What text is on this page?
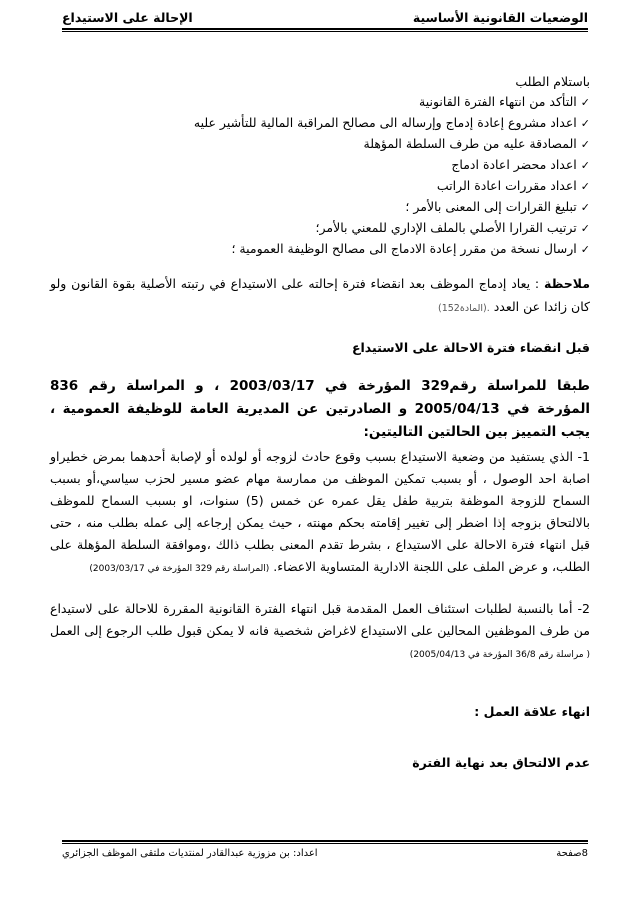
الوضعيات القانونية الأساسية
الإحالة على الاستيداع

باستلام الطلب

✓التأكد من انتهاء الفترة القانونية
✓اعداد مشروع إعادة إدماج وإرساله الى مصالح المراقبة المالية للتأشير عليه
✓المصادقة عليه من طرف السلطة المؤهلة
✓اعداد محضر اعادة ادماج
✓اعداد مقررات اعادة الراتب
✓تبليغ القرارات إلى المعنى بالأمر ؛
✓ترتيب القرارا الأصلي بالملف الإداري للمعني بالأمر؛
✓ارسال نسخة من مقرر إعادة الادماج الى مصالح الوظيفة العمومية ؛

ملاحظة : يعاد إدماج الموظف بعد انقضاء فترة إحالته على الاستيداع في رتبته الأصلية بقوة القانون ولو كان زائدا عن العدد .(المادة152)

قبل انقضاء فترة الاحالة على الاستيداع

طبقا للمراسلة رقم329 المؤرخة في 2003/03/17 ، و المراسلة رقم 836 المؤرخة في 2005/04/13 و الصادرتين عن المديرية العامة للوظيفة العمومية ، يجب التمييز بين الحالتين التاليتين:

1- الذي يستفيد من وضعية الاستيداع بسبب وقوع حادث لزوجه أو لولده أو لإصابة أحدهما بمرض خطيراو اصابة احد الوصول ، أو بسبب تمكين الموظف من ممارسة مهام عضو مسير لحزب سياسي،أو بسبب السماح للزوجة الموظفة بتربية طفل يقل عمره عن خمس (5) سنوات، او بسبب السماح للموظف بالالتحاق بزوجه إذا اضطر إلى تغيير إقامته بحكم مهنته ، حيث يمكن إرجاعه إلى عمله بطلب منه ، حتى قبل انتهاء فترة الاحالة على الاستيداع ، بشرط تقدم المعنى بطلب ذالك ،وموافقة السلطة المؤهلة على الطلب، و عرض الملف على اللجنة الادارية المتساوية الاعضاء. (المراسلة رقم 329 المؤرخة في 2003/03/17)

2- أما بالنسبة لطلبات استئناف العمل المقدمة قبل انتهاء الفترة القانونية المقررة للاحالة على لاستيداع من طرف الموظفين المحالين على الاستيداع لاغراض شخصية فانه لا يمكن قبول طلب الرجوع إلى العمل ( مراسلة رقم 36/8 المؤرخة في 2005/04/13)

انهاء علاقة العمل :

عدم الالتحاق بعد نهاية الفترة

8صفحة
اعداد: بن مزوزية عبدالقادر لمنتديات ملتقى الموظف الجزائري
